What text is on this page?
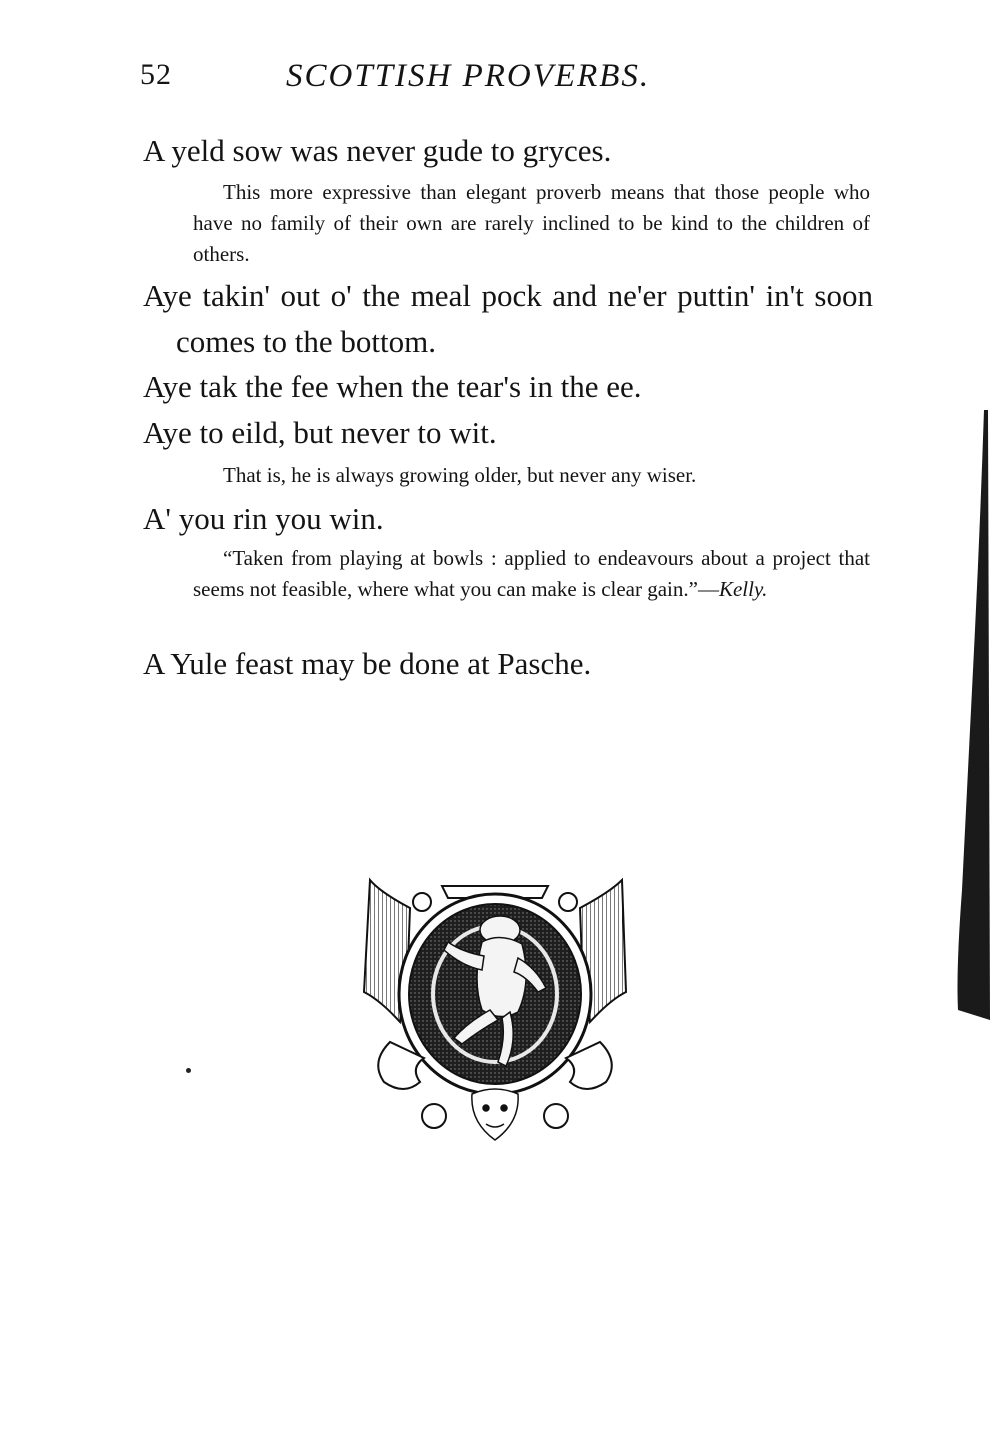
52	SCOTTISH PROVERBS.

A yeld sow was never gude to gryces.

This more expressive than elegant proverb means that those people who have no family of their own are rarely inclined to be kind to the children of others.

Aye takin' out o' the meal pock and ne'er puttin' in't soon comes to the bottom.

Aye tak the fee when the tear's in the ee.

Aye to eild, but never to wit.

That is, he is always growing older, but never any wiser.

A' you rin you win.

“Taken from playing at bowls : applied to endeavours about a project that seems not feasible, where what you can make is clear gain.”—Kelly.

A Yule feast may be done at Pasche.
